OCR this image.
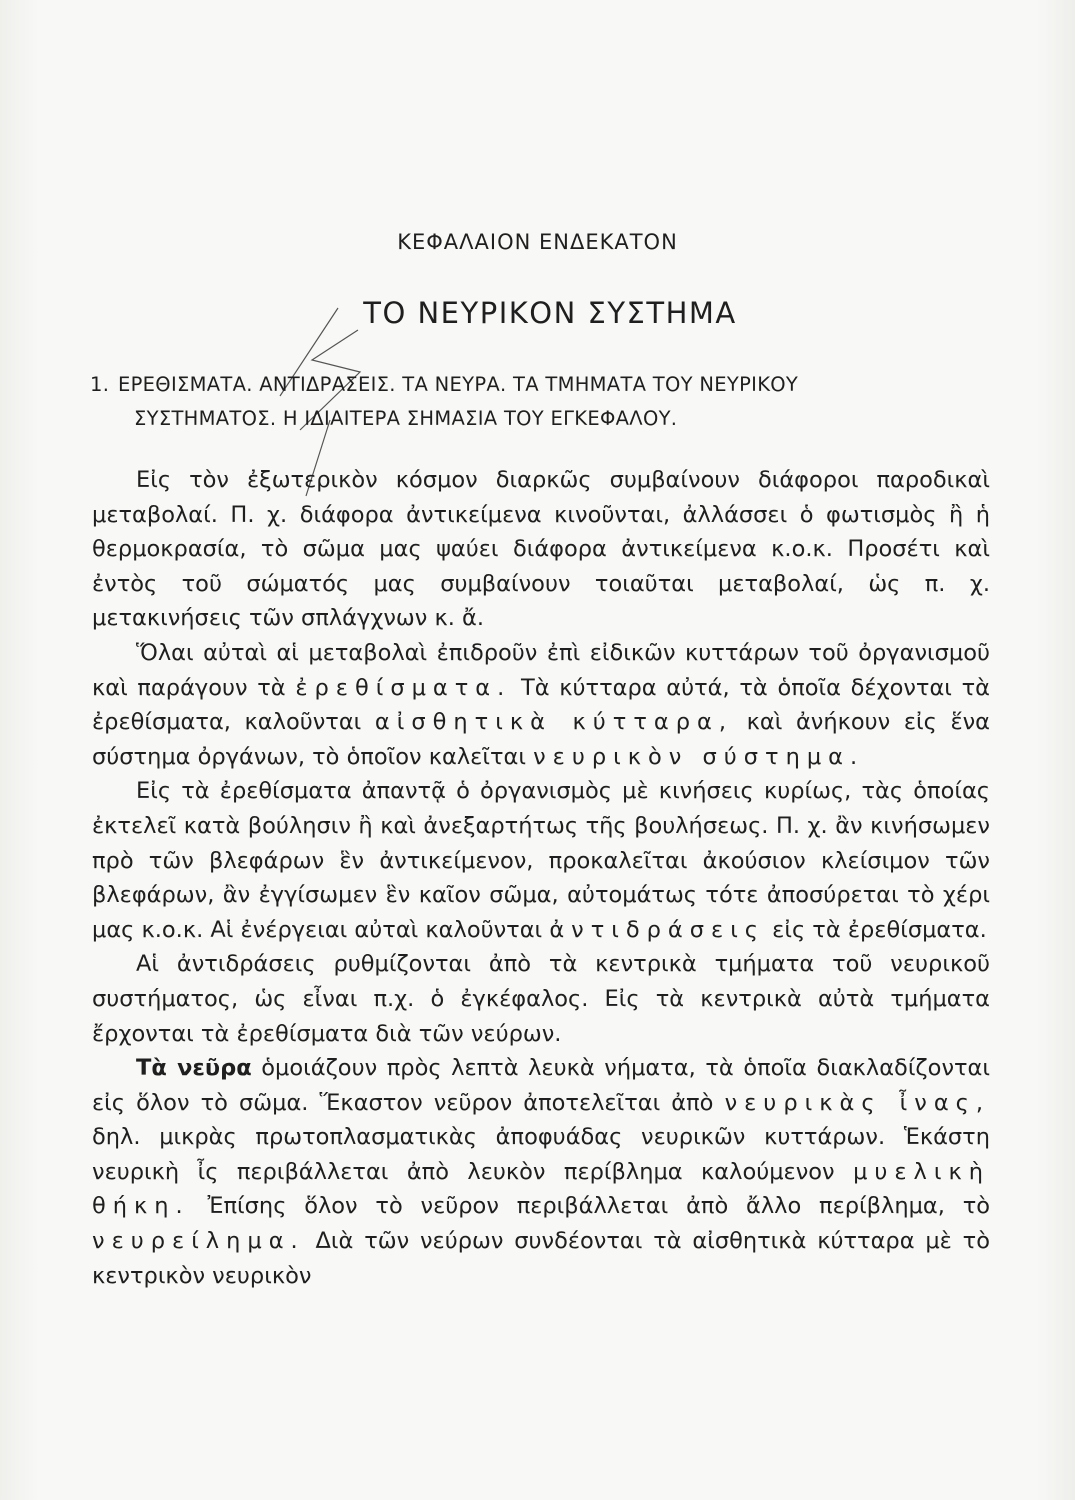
ΚΕΦΑΛΑΙΟΝ ΕΝΔΕΚΑΤΟΝ
ΤΟ ΝΕΥΡΙΚΟΝ ΣΥΣΤΗΜΑ
1. ΕΡΕΘΙΣΜΑΤΑ. ΑΝΤΙΔΡΑΣΕΙΣ. ΤΑ ΝΕΥΡΑ. ΤΑ ΤΜΗΜΑΤΑ ΤΟΥ ΝΕΥΡΙΚΟΥ
ΣΥΣΤΗΜΑΤΟΣ. Η ΙΔΙΑΙΤΕΡΑ ΣΗΜΑΣΙΑ ΤΟΥ ΕΓΚΕΦΑΛΟΥ.

Εἰς τὸν ἐξωτερικὸν κόσμον διαρκῶς συμβαίνουν διάφοροι παροδικαὶ μεταβολαί. Π. χ. διάφορα ἀντικείμενα κινοῦνται, ἀλλάσσει ὁ φωτισμὸς ἢ ἡ θερμοκρασία, τὸ σῶμα μας ψαύει διάφορα ἀντικείμενα κ.ο.κ. Προσέτι καὶ ἐντὸς τοῦ σώματός μας συμβαίνουν τοιαῦται μεταβολαί, ὡς π. χ. μετακινήσεις τῶν σπλάγχνων κ. ἄ.

Ὅλαι αὐταὶ αἱ μεταβολαὶ ἐπιδροῦν ἐπὶ εἰδικῶν κυττάρων τοῦ ὀργανισμοῦ καὶ παράγουν τὰ ἐρεθίσματα. Τὰ κύτταρα αὐτά, τὰ ὁποῖα δέχονται τὰ ἐρεθίσματα, καλοῦνται αἰσθητικὰ κύτταρα, καὶ ἀνήκουν εἰς ἕνα σύστημα ὀργάνων, τὸ ὁποῖον καλεῖται νευρικὸν σύστημα.

Εἰς τὰ ἐρεθίσματα ἀπαντᾷ ὁ ὀργανισμὸς μὲ κινήσεις κυρίως, τὰς ὁποίας ἐκτελεῖ κατὰ βούλησιν ἢ καὶ ἀνεξαρτήτως τῆς βουλήσεως. Π. χ. ἂν κινήσωμεν πρὸ τῶν βλεφάρων ἓν ἀντικείμενον, προκαλεῖται ἀκούσιον κλείσιμον τῶν βλεφάρων, ἂν ἐγγίσωμεν ἓν καῖον σῶμα, αὐτομάτως τότε ἀποσύρεται τὸ χέρι μας κ.ο.κ. Αἱ ἐνέργειαι αὐταὶ καλοῦνται ἀντιδράσεις εἰς τὰ ἐρεθίσματα.

Αἱ ἀντιδράσεις ρυθμίζονται ἀπὸ τὰ κεντρικὰ τμήματα τοῦ νευρικοῦ συστήματος, ὡς εἶναι π.χ. ὁ ἐγκέφαλος. Εἰς τὰ κεντρικὰ αὐτὰ τμήματα ἔρχονται τὰ ἐρεθίσματα διὰ τῶν νεύρων.

Τὰ νεῦρα ὁμοιάζουν πρὸς λεπτὰ λευκὰ νήματα, τὰ ὁποῖα διακλαδίζονται εἰς ὅλον τὸ σῶμα. Ἕκαστον νεῦρον ἀποτελεῖται ἀπὸ νευρικὰς ἶνας, δηλ. μικρὰς πρωτοπλασματικὰς ἀποφυάδας νευρικῶν κυττάρων. Ἑκάστη νευρικὴ ἶς περιβάλλεται ἀπὸ λευκὸν περίβλημα καλούμενον μυελικὴ θήκη. Ἐπίσης ὅλον τὸ νεῦρον περιβάλλεται ἀπὸ ἄλλο περίβλημα, τὸ νευρείλημα. Διὰ τῶν νεύρων συνδέονται τὰ αἰσθητικὰ κύτταρα μὲ τὸ κεντρικὸν νευρικὸν
